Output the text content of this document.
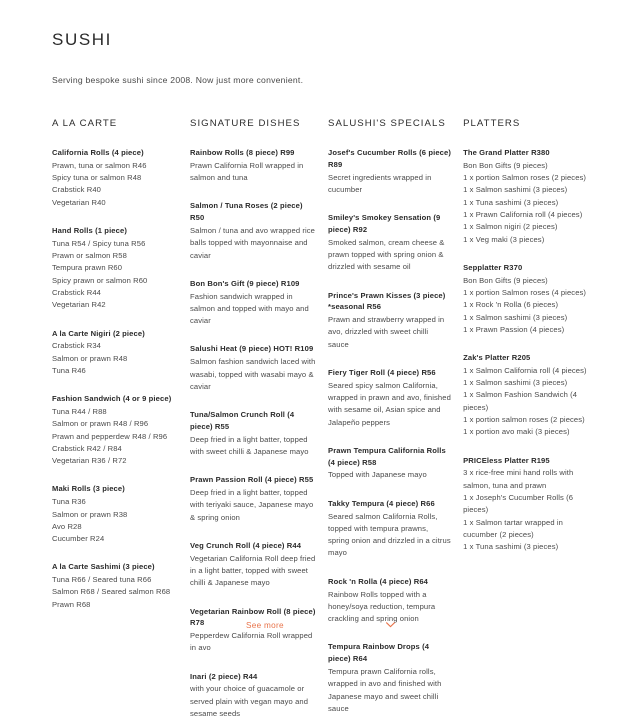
SUSHI

Serving bespoke sushi since 2008. Now just more convenient.

A LA CARTE
California Rolls (4 piece)
Prawn, tuna or salmon R46
Spicy tuna or salmon R48
Crabstick R40
Vegetarian R40
Hand Rolls (1 piece)
Tuna R54 / Spicy tuna R56
Prawn or salmon R58
Tempura prawn R60
Spicy prawn or salmon R60
Crabstick R44
Vegetarian R42
A la Carte Nigiri (2 piece)
Crabstick R34
Salmon or prawn R48
Tuna R46
Fashion Sandwich (4 or 9 piece)
Tuna R44 / R88
Salmon or prawn R48 / R96
Prawn and pepperdew R48 / R96
Crabstick R42 / R84
Vegetarian R36 / R72
Maki Rolls (3 piece)
Tuna R36
Salmon or prawn R38
Avo R28
Cucumber R24
A la Carte Sashimi (3 piece)
Tuna R66 / Seared tuna R66
Salmon R68 / Seared salmon R68
Prawn R68
SIGNATURE DISHES
Rainbow Rolls (8 piece) R99
Prawn California Roll wrapped in salmon and tuna
Salmon / Tuna Roses (2 piece) R50
Salmon / tuna and avo wrapped rice balls topped with mayonnaise and caviar
Bon Bon's Gift (9 piece) R109
Fashion sandwich wrapped in salmon and topped with mayo and caviar
Salushi Heat (9 piece) HOT! R109
Salmon fashion sandwich laced with wasabi, topped with wasabi mayo & caviar
Tuna/Salmon Crunch Roll (4 piece) R55
Deep fried in a light batter, topped with sweet chilli & Japanese mayo
Prawn Passion Roll (4 piece) R55
Deep fried in a light batter, topped with teriyaki sauce, Japanese mayo & spring onion
Veg Crunch Roll (4 piece) R44
Vegetarian California Roll deep fried in a light batter, topped with sweet chilli & Japanese mayo
Vegetarian Rainbow Roll (8 piece) R78
Pepperdew California Roll wrapped in avo
Inari (2 piece) R44
with your choice of guacamole or served plain with vegan mayo and sesame seeds
SALUSHI'S SPECIALS
Josef's Cucumber Rolls (6 piece) R89
Secret ingredients wrapped in cucumber
Smiley's Smokey Sensation (9 piece) R92
Smoked salmon, cream cheese & prawn topped with spring onion & drizzled with sesame oil
Prince's Prawn Kisses (3 piece) *seasonal R56
Prawn and strawberry wrapped in avo, drizzled with sweet chilli sauce
Fiery Tiger Roll (4 piece) R56
Seared spicy salmon California, wrapped in prawn and avo, finished with sesame oil, Asian spice and Jalapeño peppers
Prawn Tempura California Rolls (4 piece) R58
Topped with Japanese mayo
Takky Tempura (4 piece) R66
Seared salmon California Rolls, topped with tempura prawns, spring onion and drizzled in a citrus mayo
Rock 'n Rolla (4 piece) R64
Rainbow Rolls topped with a honey/soya reduction, tempura crackling and spring onion
Tempura Rainbow Drops (4 piece) R64
Tempura prawn California rolls, wrapped in avo and finished with Japanese mayo and sweet chilli sauce
PLATTERS
The Grand Platter R380
Bon Bon Gifts (9 pieces)
1 x portion Salmon roses (2 pieces)
1 x Salmon sashimi (3 pieces)
1 x Tuna sashimi (3 pieces)
1 x Prawn California roll (4 pieces)
1 x Salmon nigiri (2 pieces)
1 x Veg maki (3 pieces)
Sepplatter R370
Bon Bon Gifts (9 pieces)
1 x portion Salmon roses (4 pieces)
1 x Rock 'n Rolla (6 pieces)
1 x Salmon sashimi (3 pieces)
1 x Prawn Passion (4 pieces)
Zak's Platter R205
1 x Salmon California roll (4 pieces)
1 x Salmon sashimi (3 pieces)
1 x Salmon Fashion Sandwich (4 pieces)
1 x portion salmon roses (2 pieces)
1 x portion avo maki (3 pieces)
PRICEless Platter R195
3 x rice-free mini hand rolls with salmon, tuna and prawn
1 x Joseph's Cucumber Rolls (6 pieces)
1 x Salmon tartar wrapped in cucumber (2 pieces)
1 x Tuna sashimi (3 pieces)
See more
